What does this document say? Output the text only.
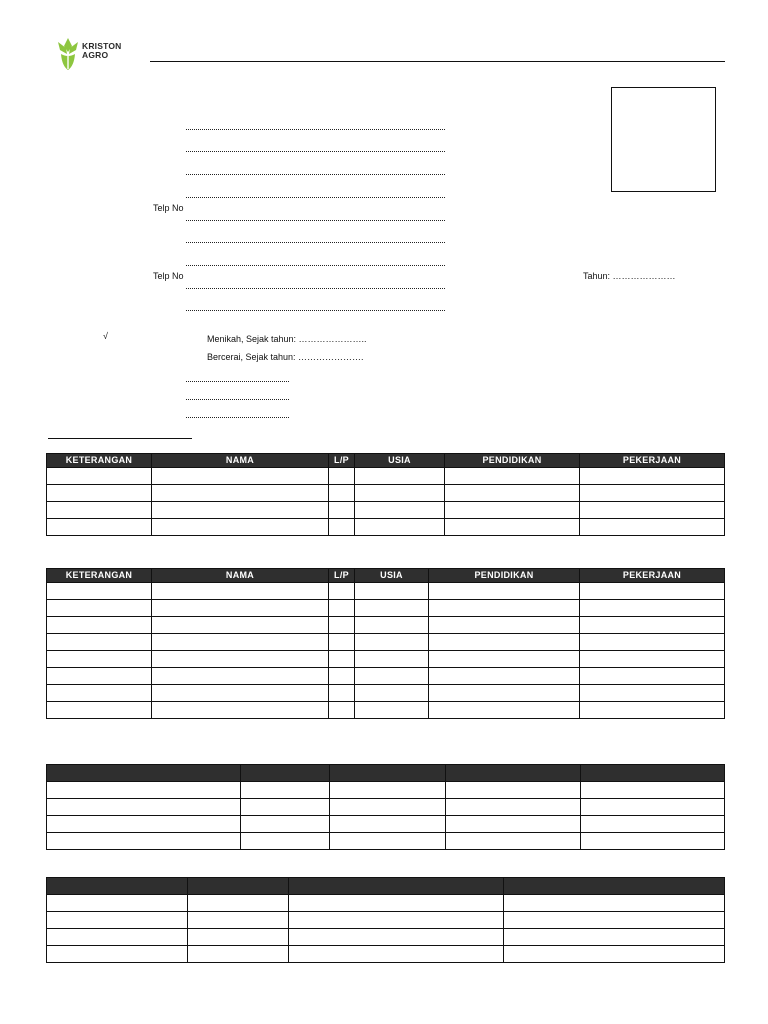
KRISTON
AGRO
Telp No
Telp No	Tahun: …………………
√	Menikah, Sejak tahun: …………………..
Bercerai, Sejak tahun: ………………….
KETERANGAN	NAMA	L/P	USIA	PENDIDIKAN	PEKERJAAN

KETERANGAN	NAMA	L/P	USIA	PENDIDIKAN	PEKERJAAN
